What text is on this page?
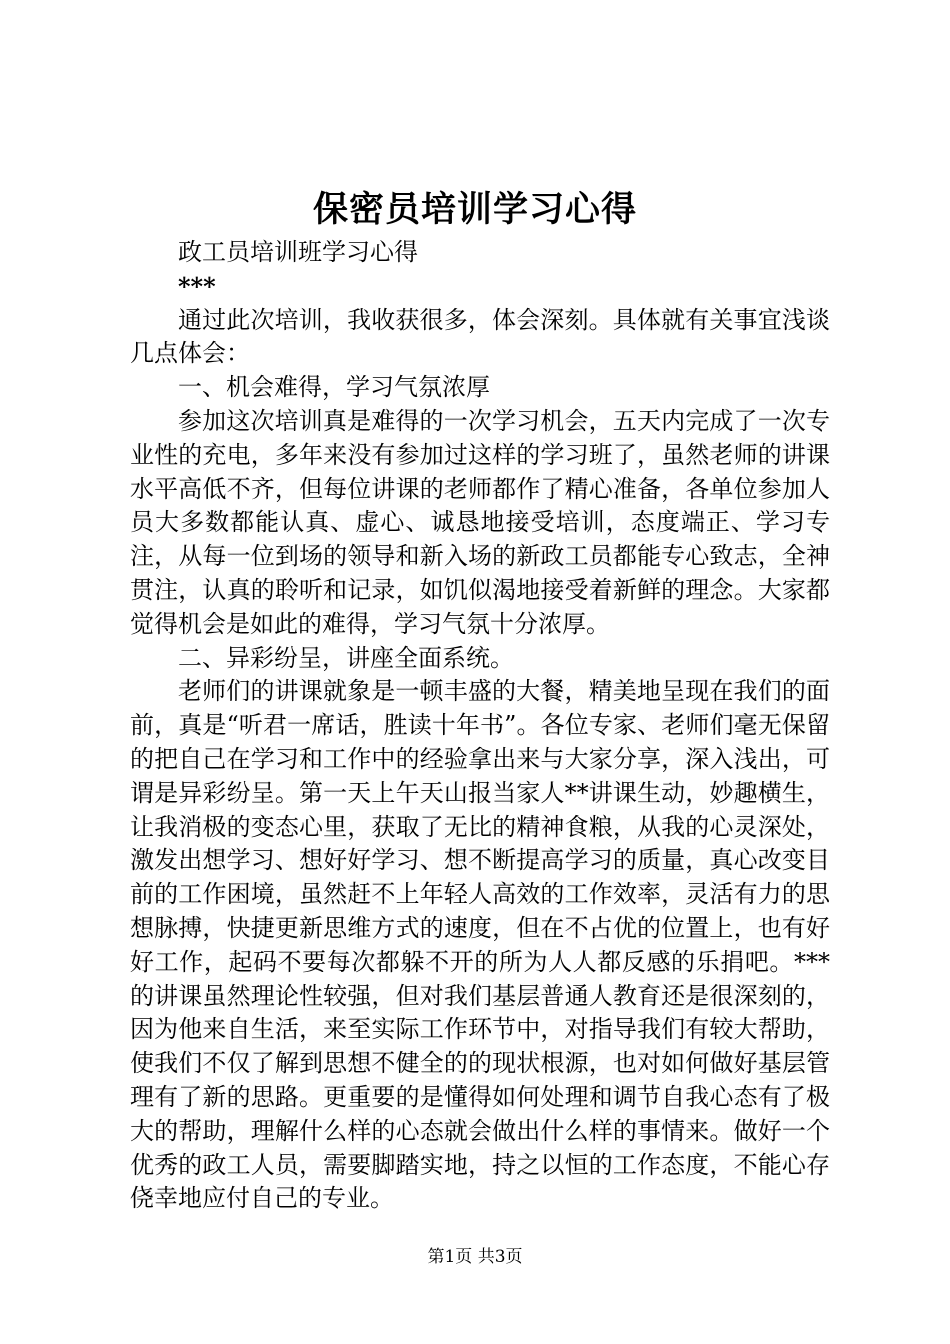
保密员培训学习心得

政工员培训班学习心得

***

通过此次培训，我收获很多，体会深刻。具体就有关事宜浅谈几点体会：

一、机会难得，学习气氛浓厚

参加这次培训真是难得的一次学习机会，五天内完成了一次专业性的充电，多年来没有参加过这样的学习班了，虽然老师的讲课水平高低不齐，但每位讲课的老师都作了精心准备，各单位参加人员大多数都能认真、虚心、诚恳地接受培训，态度端正、学习专注，从每一位到场的领导和新入场的新政工员都能专心致志，全神贯注，认真的聆听和记录，如饥似渴地接受着新鲜的理念。大家都觉得机会是如此的难得，学习气氛十分浓厚。

二、异彩纷呈，讲座全面系统。

老师们的讲课就象是一顿丰盛的大餐，精美地呈现在我们的面前，真是“听君一席话，胜读十年书”。各位专家、老师们毫无保留的把自己在学习和工作中的经验拿出来与大家分享，深入浅出，可谓是异彩纷呈。第一天上午天山报当家人**讲课生动，妙趣横生，让我消极的变态心里，获取了无比的精神食粮，从我的心灵深处，激发出想学习、想好好学习、想不断提高学习的质量，真心改变目前的工作困境，虽然赶不上年轻人高效的工作效率，灵活有力的思想脉搏，快捷更新思维方式的速度，但在不占优的位置上，也有好好工作，起码不要每次都躲不开的所为人人都反感的乐捐吧。***的讲课虽然理论性较强，但对我们基层普通人教育还是很深刻的，因为他来自生活，来至实际工作环节中，对指导我们有较大帮助，使我们不仅了解到思想不健全的的现状根源，也对如何做好基层管理有了新的思路。更重要的是懂得如何处理和调节自我心态有了极大的帮助，理解什么样的心态就会做出什么样的事情来。做好一个优秀的政工人员，需要脚踏实地，持之以恒的工作态度，不能心存侥幸地应付自己的专业。

第1页 共3页
